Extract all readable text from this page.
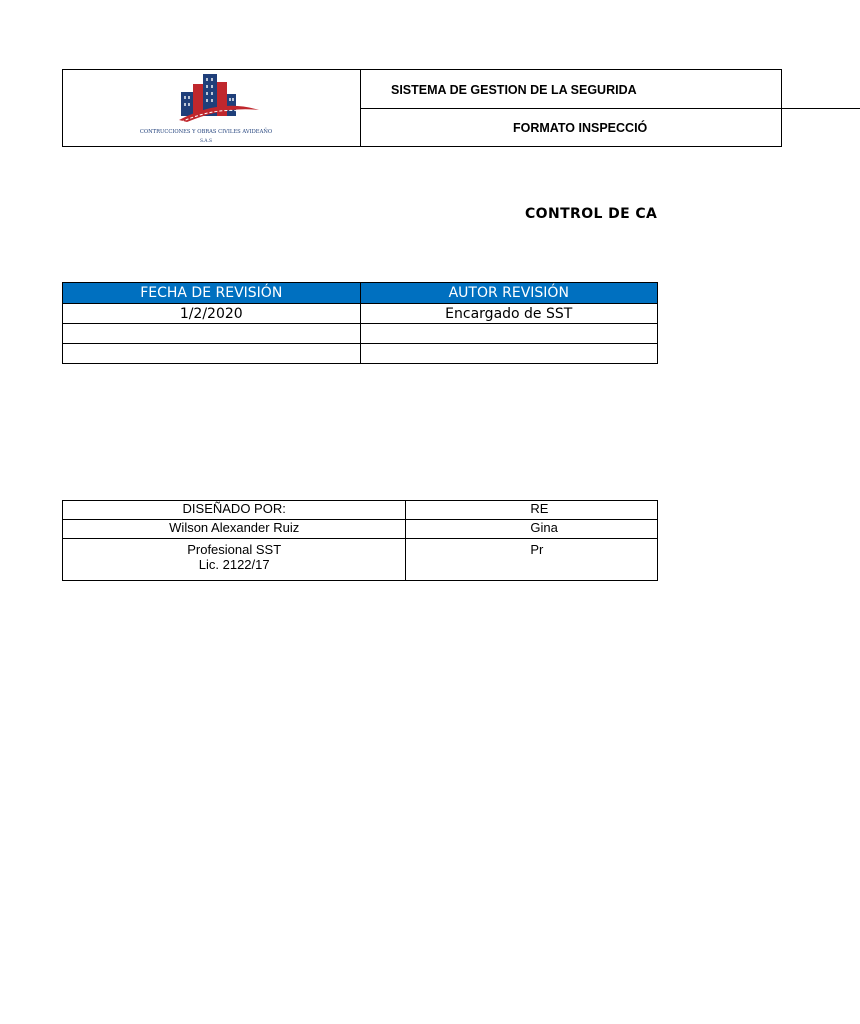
CONTRUCCIONES Y OBRAS CIVILES AVIDEAÑO
S.A.S
SISTEMA DE GESTION DE LA SEGURIDA
FORMATO INSPECCIÓ
CONTROL DE CA
FECHA DE REVISIÓN	AUTOR REVISIÓN
1/2/2020	Encargado de SST

DISEÑADO POR:	RE
Wilson Alexander Ruiz	Gina

Profesional SST
Lic. 2122/17	Pr
